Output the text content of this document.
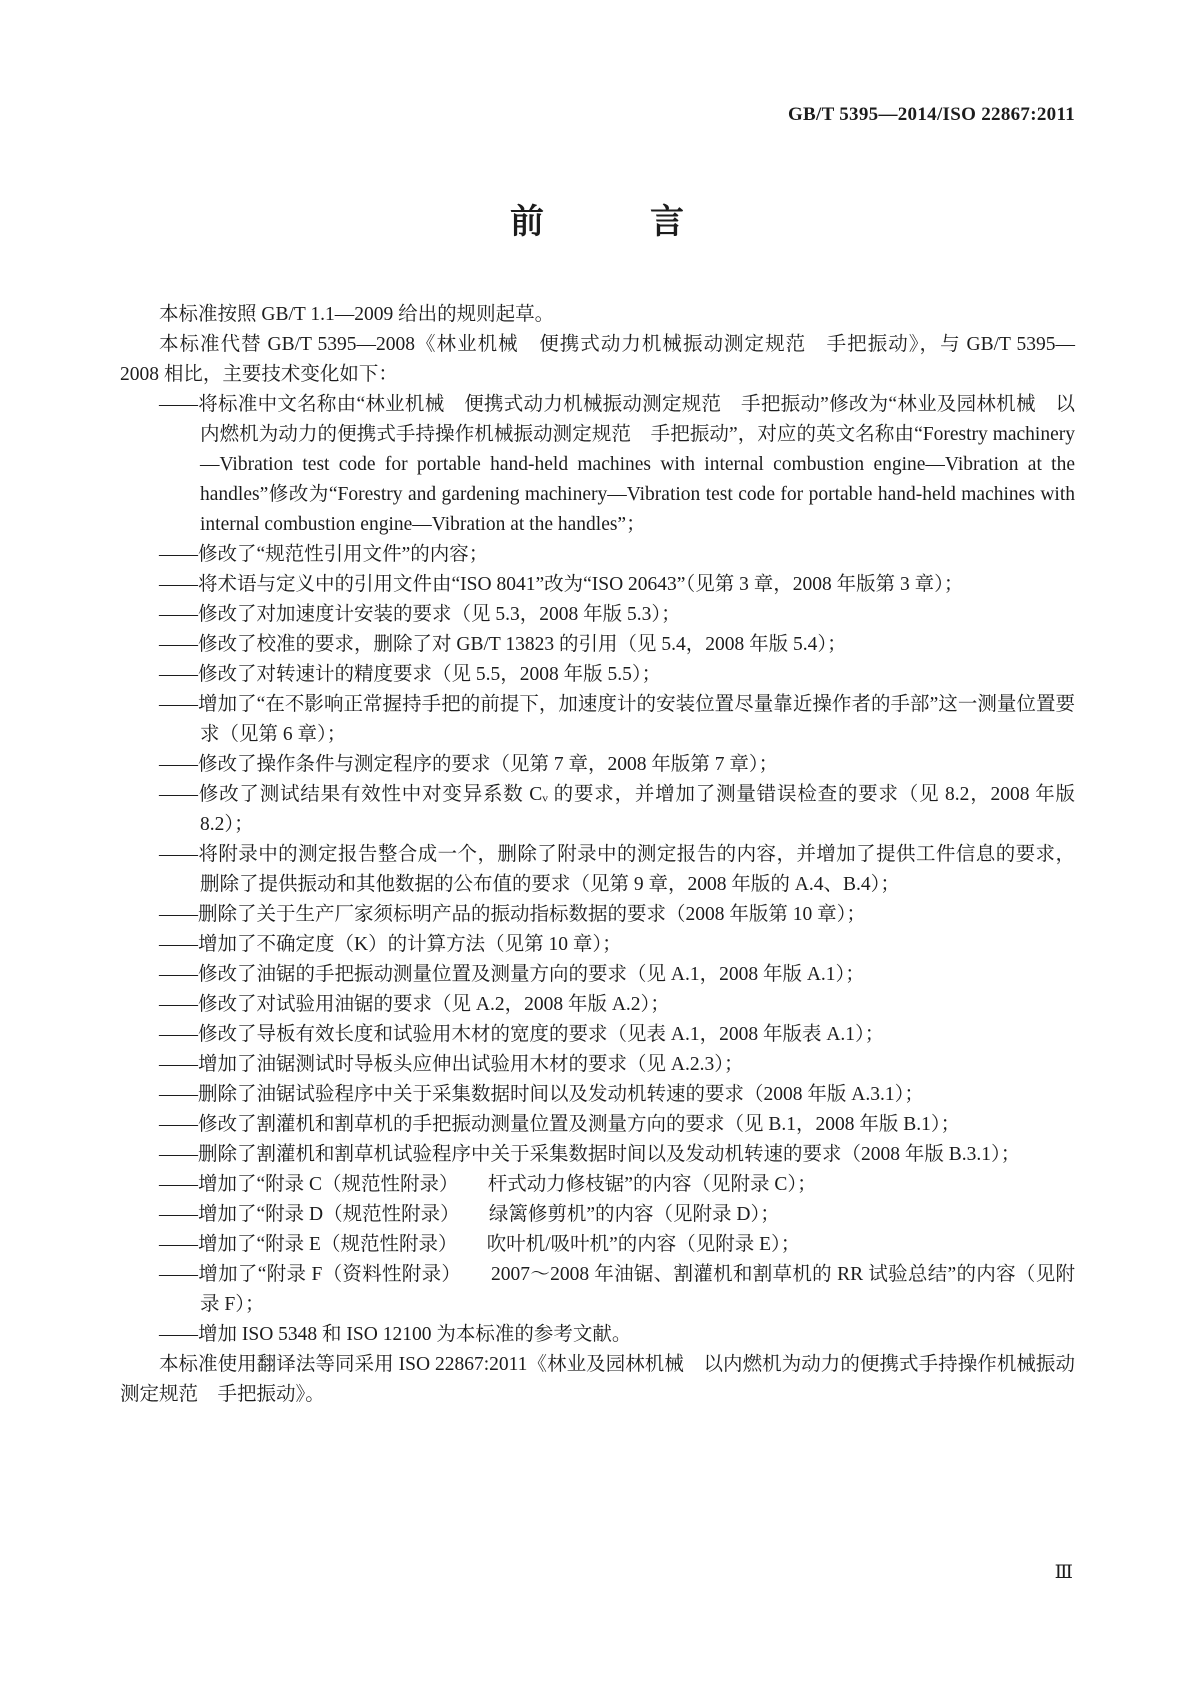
GB/T 5395—2014/ISO 22867:2011
前　　　言

本标准按照 GB/T 1.1—2009 给出的规则起草。

本标准代替 GB/T 5395—2008《林业机械　便携式动力机械振动测定规范　手把振动》，与 GB/T 5395—2008 相比，主要技术变化如下：

——将标准中文名称由“林业机械　便携式动力机械振动测定规范　手把振动”修改为“林业及园林机械　以内燃机为动力的便携式手持操作机械振动测定规范　手把振动”，对应的英文名称由“Forestry machinery—Vibration test code for portable hand-held machines with internal combustion engine—Vibration at the handles”修改为“Forestry and gardening machinery—Vibration test code for portable hand-held machines with internal combustion engine—Vibration at the handles”；
——修改了“规范性引用文件”的内容；
——将术语与定义中的引用文件由“ISO 8041”改为“ISO 20643”（见第 3 章，2008 年版第 3 章）；
——修改了对加速度计安装的要求（见 5.3，2008 年版 5.3）；
——修改了校准的要求，删除了对 GB/T 13823 的引用（见 5.4，2008 年版 5.4）；
——修改了对转速计的精度要求（见 5.5，2008 年版 5.5）；
——增加了“在不影响正常握持手把的前提下，加速度计的安装位置尽量靠近操作者的手部”这一测量位置要求（见第 6 章）；
——修改了操作条件与测定程序的要求（见第 7 章，2008 年版第 7 章）；
——修改了测试结果有效性中对变异系数 Cᵥ 的要求，并增加了测量错误检查的要求（见 8.2，2008 年版 8.2）；
——将附录中的测定报告整合成一个，删除了附录中的测定报告的内容，并增加了提供工件信息的要求，删除了提供振动和其他数据的公布值的要求（见第 9 章，2008 年版的 A.4、B.4）；
——删除了关于生产厂家须标明产品的振动指标数据的要求（2008 年版第 10 章）；
——增加了不确定度（K）的计算方法（见第 10 章）；
——修改了油锯的手把振动测量位置及测量方向的要求（见 A.1，2008 年版 A.1）；
——修改了对试验用油锯的要求（见 A.2，2008 年版 A.2）；
——修改了导板有效长度和试验用木材的宽度的要求（见表 A.1，2008 年版表 A.1）；
——增加了油锯测试时导板头应伸出试验用木材的要求（见 A.2.3）；
——删除了油锯试验程序中关于采集数据时间以及发动机转速的要求（2008 年版 A.3.1）；
——修改了割灌机和割草机的手把振动测量位置及测量方向的要求（见 B.1，2008 年版 B.1）；
——删除了割灌机和割草机试验程序中关于采集数据时间以及发动机转速的要求（2008 年版 B.3.1）；
——增加了“附录 C（规范性附录）　　杆式动力修枝锯”的内容（见附录 C）；
——增加了“附录 D（规范性附录）　　绿篱修剪机”的内容（见附录 D）；
——增加了“附录 E（规范性附录）　　吹叶机/吸叶机”的内容（见附录 E）；
——增加了“附录 F（资料性附录）　　2007～2008 年油锯、割灌机和割草机的 RR 试验总结”的内容（见附录 F）；
——增加 ISO 5348 和 ISO 12100 为本标准的参考文献。

本标准使用翻译法等同采用 ISO 22867:2011《林业及园林机械　以内燃机为动力的便携式手持操作机械振动测定规范　手把振动》。

Ⅲ
